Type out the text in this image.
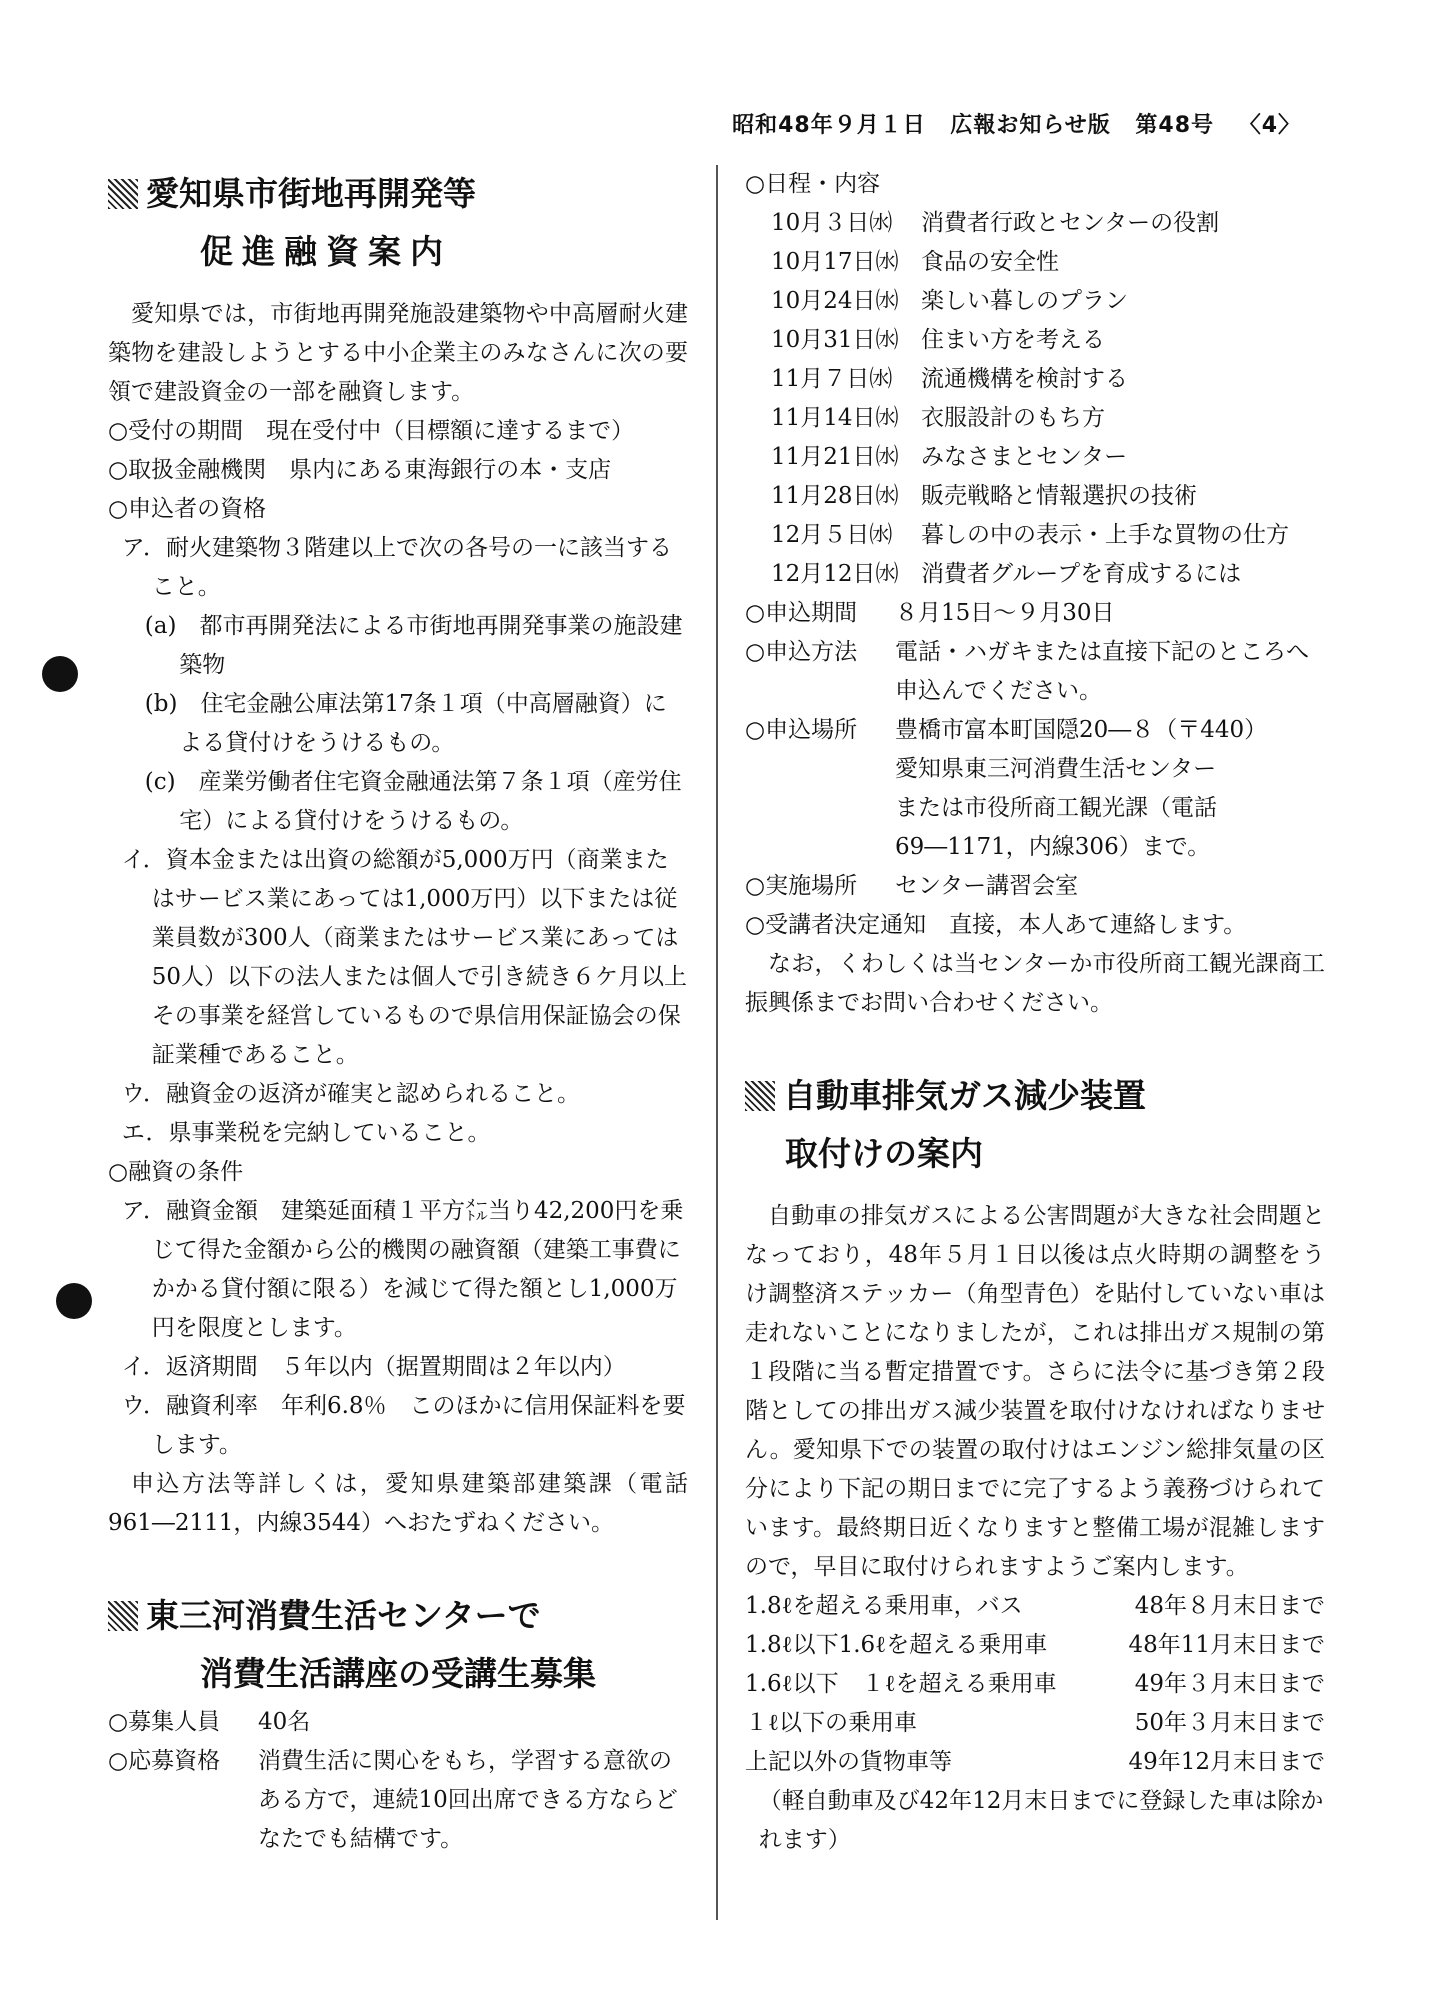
昭和48年９月１日 広報お知らせ版 第48号 〈4〉
愛知県市街地再開発等
促進融資案内
愛知県では，市街地再開発施設建築物や中高層耐火建築物を建設しようとする中小企業主のみなさんに次の要領で建設資金の一部を融資します。
○受付の期間　現在受付中（目標額に達するまで）
○取扱金融機関　県内にある東海銀行の本・支店
○申込者の資格
ア．耐火建築物３階建以上で次の各号の一に該当すること。
(a)　都市再開発法による市街地再開発事業の施設建築物
(b)　住宅金融公庫法第17条１項（中高層融資）による貸付けをうけるもの。
(c)　産業労働者住宅資金融通法第７条１項（産労住宅）による貸付けをうけるもの。
イ．資本金または出資の総額が5,000万円（商業またはサービス業にあっては1,000万円）以下または従業員数が300人（商業またはサービス業にあっては50人）以下の法人または個人で引き続き６ケ月以上その事業を経営しているもので県信用保証協会の保証業種であること。
ウ．融資金の返済が確実と認められること。
エ．県事業税を完納していること。
○融資の条件
ア．融資金額　建築延面積１平方㍍当り42,200円を乗じて得た金額から公的機関の融資額（建築工事費にかかる貸付額に限る）を減じて得た額とし1,000万円を限度とします。
イ．返済期間　５年以内（据置期間は２年以内）
ウ．融資利率　年利6.8％　このほかに信用保証料を要します。
申込方法等詳しくは，愛知県建築部建築課（電話961―2111，内線3544）へおたずねください。
東三河消費生活センターで
消費生活講座の受講生募集
○募集人員	40名
○応募資格	消費生活に関心をもち，学習する意欲のある方で，連続10回出席できる方ならどなたでも結構です。
○日程・内容
10月３日㈬	消費者行政とセンターの役割
10月17日㈬ 食品の安全性
10月24日㈬ 楽しい暮しのプラン
10月31日㈬ 住まい方を考える
11月７日㈬	流通機構を検討する
11月14日㈬ 衣服設計のもち方
11月21日㈬ みなさまとセンター
11月28日㈬ 販売戦略と情報選択の技術
12月５日㈬	暮しの中の表示・上手な買物の仕方
12月12日㈬ 消費者グループを育成するには
○申込期間	８月15日～９月30日
○申込方法	電話・ハガキまたは直接下記のところへ申込んでください。
○申込場所	豊橋市富本町国隠20―８（〒440）
愛知県東三河消費生活センター
または市役所商工観光課（電話69―1171，内線306）まで。
○実施場所	センター講習会室
○受講者決定通知　直接，本人あて連絡します。
なお，くわしくは当センターか市役所商工観光課商工振興係までお問い合わせください。
自動車排気ガス減少装置
取付けの案内
自動車の排気ガスによる公害問題が大きな社会問題となっており，48年５月１日以後は点火時期の調整をうけ調整済ステッカー（角型青色）を貼付していない車は走れないことになりましたが，これは排出ガス規制の第１段階に当る暫定措置です。さらに法令に基づき第２段階としての排出ガス減少装置を取付けなければなりません。愛知県下での装置の取付けはエンジン総排気量の区分により下記の期日までに完了するよう義務づけられています。最終期日近くなりますと整備工場が混雑しますので，早目に取付けられますようご案内します。
1.8ℓを超える乗用車，バス	48年８月末日まで
1.8ℓ以下1.6ℓを超える乗用車	48年11月末日まで
1.6ℓ以下　１ℓを超える乗用車	49年３月末日まで
１ℓ以下の乗用車	50年３月末日まで
上記以外の貨物車等	49年12月末日まで
（軽自動車及び42年12月末日までに登録した車は除かれます）
